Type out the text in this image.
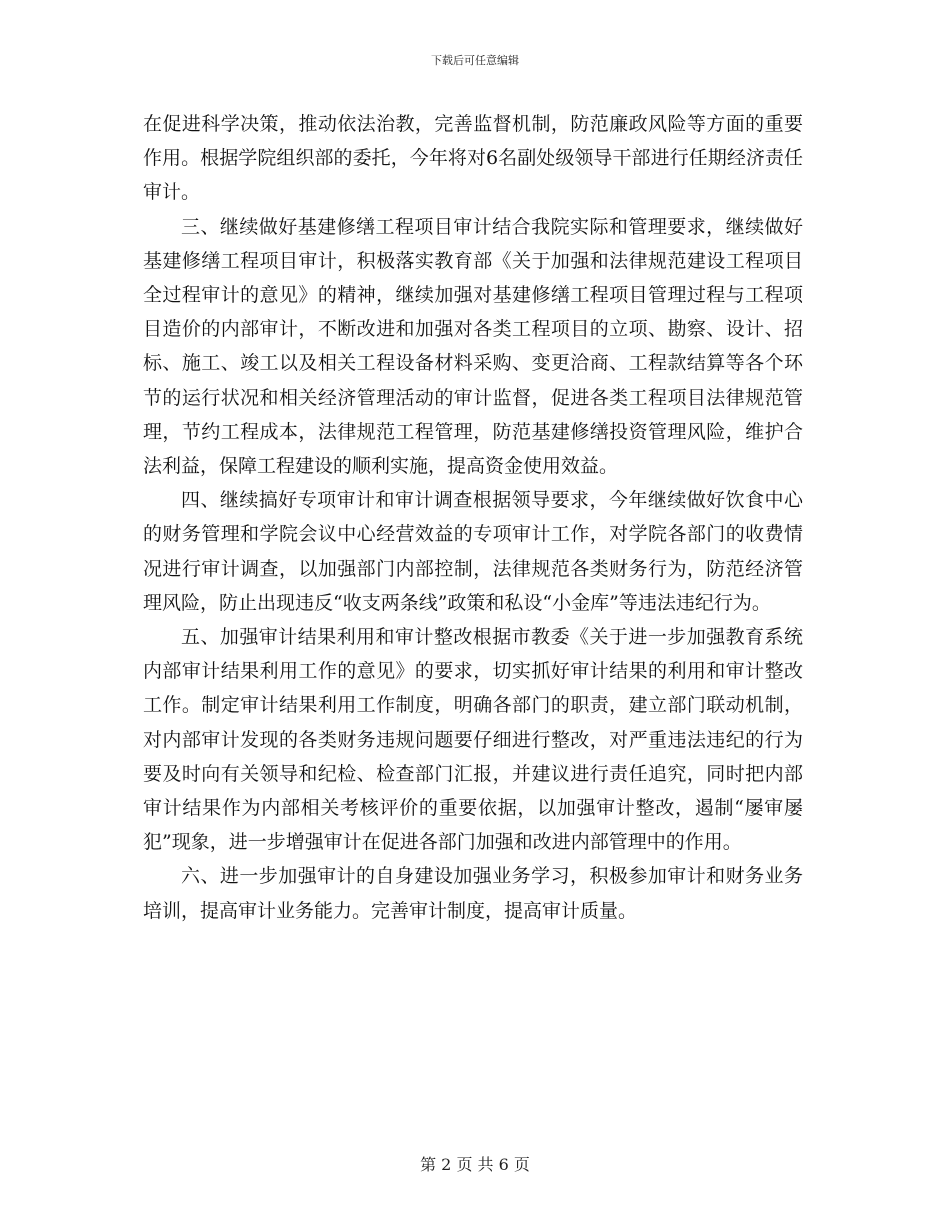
下载后可任意编辑

在促进科学决策，推动依法治教，完善监督机制，防范廉政风险等方面的重要作用。根据学院组织部的委托，今年将对6名副处级领导干部进行任期经济责任审计。

三、继续做好基建修缮工程项目审计结合我院实际和管理要求，继续做好基建修缮工程项目审计，积极落实教育部《关于加强和法律规范建设工程项目全过程审计的意见》的精神，继续加强对基建修缮工程项目管理过程与工程项目造价的内部审计，不断改进和加强对各类工程项目的立项、勘察、设计、招标、施工、竣工以及相关工程设备材料采购、变更洽商、工程款结算等各个环节的运行状况和相关经济管理活动的审计监督，促进各类工程项目法律规范管理，节约工程成本，法律规范工程管理，防范基建修缮投资管理风险，维护合法利益，保障工程建设的顺利实施，提高资金使用效益。

四、继续搞好专项审计和审计调查根据领导要求，今年继续做好饮食中心的财务管理和学院会议中心经营效益的专项审计工作，对学院各部门的收费情况进行审计调查，以加强部门内部控制，法律规范各类财务行为，防范经济管理风险，防止出现违反“收支两条线”政策和私设“小金库”等违法违纪行为。

五、加强审计结果利用和审计整改根据市教委《关于进一步加强教育系统内部审计结果利用工作的意见》的要求，切实抓好审计结果的利用和审计整改工作。制定审计结果利用工作制度，明确各部门的职责，建立部门联动机制，对内部审计发现的各类财务违规问题要仔细进行整改，对严重违法违纪的行为要及时向有关领导和纪检、检查部门汇报，并建议进行责任追究，同时把内部审计结果作为内部相关考核评价的重要依据，以加强审计整改，遏制“屡审屡犯”现象，进一步增强审计在促进各部门加强和改进内部管理中的作用。

六、进一步加强审计的自身建设加强业务学习，积极参加审计和财务业务培训，提高审计业务能力。完善审计制度，提高审计质量。

第 2 页 共 6 页
